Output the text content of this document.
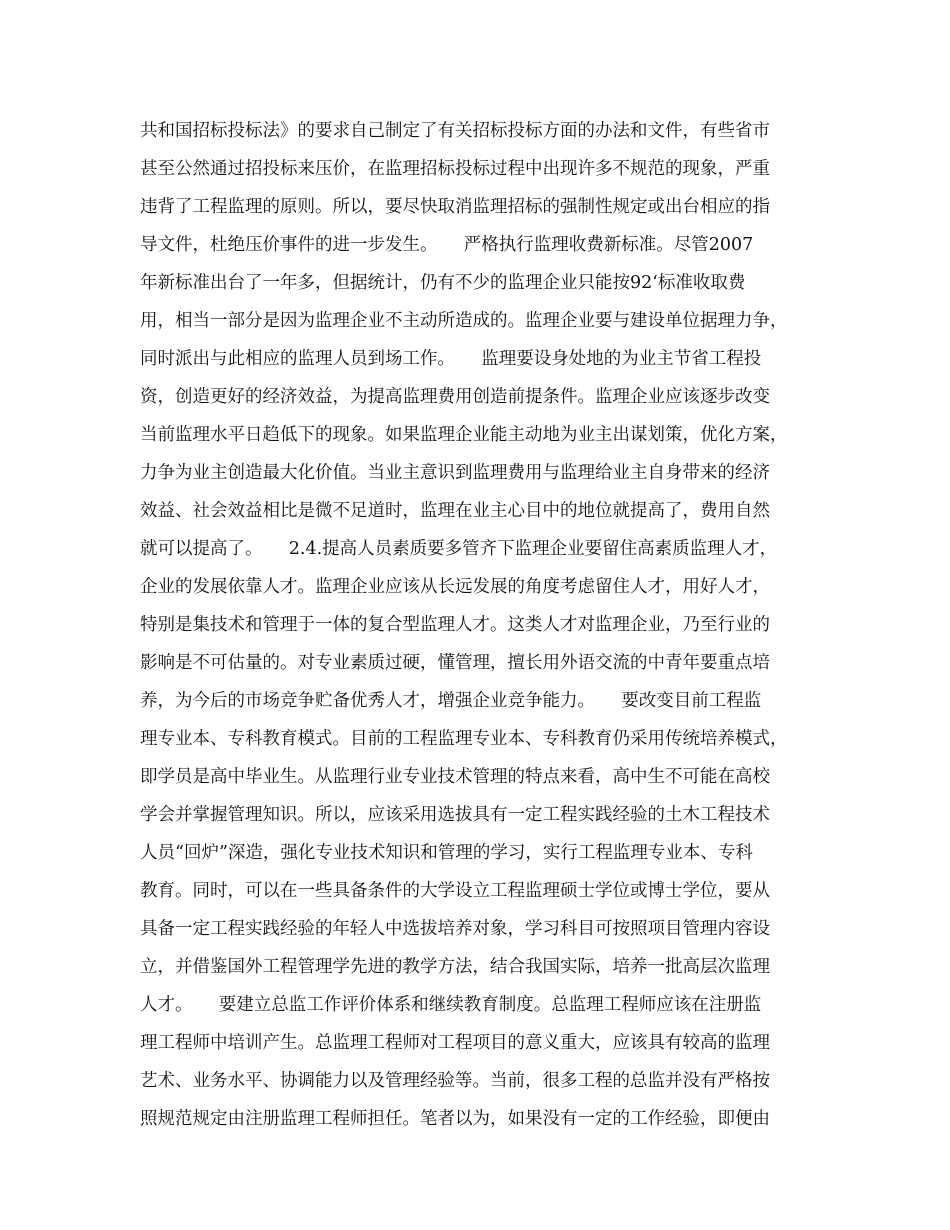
共和国招标投标法》的要求自己制定了有关招标投标方面的办法和文件，有些省市
甚至公然通过招投标来压价，在监理招标投标过程中出现许多不规范的现象，严重
违背了工程监理的原则。所以，要尽快取消监理招标的强制性规定或出台相应的指
导文件，杜绝压价事件的进一步发生。　　严格执行监理收费新标准。尽管2007
年新标准出台了一年多，但据统计，仍有不少的监理企业只能按92‘标准收取费
用，相当一部分是因为监理企业不主动所造成的。监理企业要与建设单位据理力争，
同时派出与此相应的监理人员到场工作。　　监理要设身处地的为业主节省工程投
资，创造更好的经济效益，为提高监理费用创造前提条件。监理企业应该逐步改变
当前监理水平日趋低下的现象。如果监理企业能主动地为业主出谋划策，优化方案，
力争为业主创造最大化价值。当业主意识到监理费用与监理给业主自身带来的经济
效益、社会效益相比是微不足道时，监理在业主心目中的地位就提高了，费用自然
就可以提高了。　　2.4.提高人员素质要多管齐下监理企业要留住高素质监理人才，
企业的发展依靠人才。监理企业应该从长远发展的角度考虑留住人才，用好人才，
特别是集技术和管理于一体的复合型监理人才。这类人才对监理企业，乃至行业的
影响是不可估量的。对专业素质过硬，懂管理，擅长用外语交流的中青年要重点培
养，为今后的市场竞争贮备优秀人才，增强企业竞争能力。　　要改变目前工程监
理专业本、专科教育模式。目前的工程监理专业本、专科教育仍采用传统培养模式，
即学员是高中毕业生。从监理行业专业技术管理的特点来看，高中生不可能在高校
学会并掌握管理知识。所以，应该采用选拔具有一定工程实践经验的土木工程技术
人员“回炉”深造，强化专业技术知识和管理的学习，实行工程监理专业本、专科
教育。同时，可以在一些具备条件的大学设立工程监理硕士学位或博士学位，要从
具备一定工程实践经验的年轻人中选拔培养对象，学习科目可按照项目管理内容设
立，并借鉴国外工程管理学先进的教学方法，结合我国实际，培养一批高层次监理
人才。　　要建立总监工作评价体系和继续教育制度。总监理工程师应该在注册监
理工程师中培训产生。总监理工程师对工程项目的意义重大，应该具有较高的监理
艺术、业务水平、协调能力以及管理经验等。当前，很多工程的总监并没有严格按
照规范规定由注册监理工程师担任。笔者以为，如果没有一定的工作经验，即便由
